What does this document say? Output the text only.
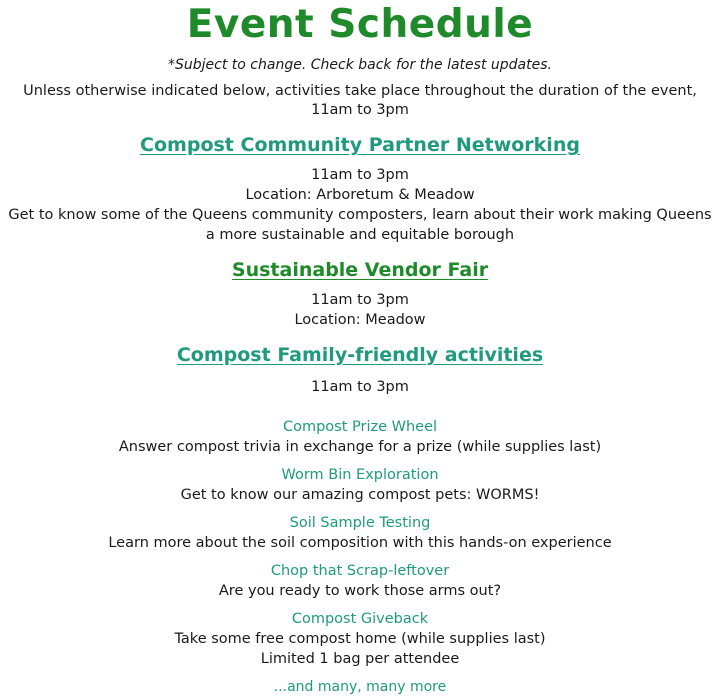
Event Schedule
*Subject to change. Check back for the latest updates.
Unless otherwise indicated below, activities take place throughout the duration of the event, 11am to 3pm
Compost Community Partner Networking
11am to 3pm
Location: Arboretum & Meadow
Get to know some of the Queens community composters, learn about their work making Queens a more sustainable and equitable borough
Sustainable Vendor Fair
11am to 3pm
Location: Meadow
Compost Family-friendly activities
11am to 3pm
Compost Prize Wheel
Answer compost trivia in exchange for a prize (while supplies last)
Worm Bin Exploration
Get to know our amazing compost pets: WORMS!
Soil Sample Testing
Learn more about the soil composition with this hands-on experience
Chop that Scrap-leftover
Are you ready to work those arms out?
Compost Giveback
Take some free compost home (while supplies last)
Limited 1 bag per attendee
...and many, many more
